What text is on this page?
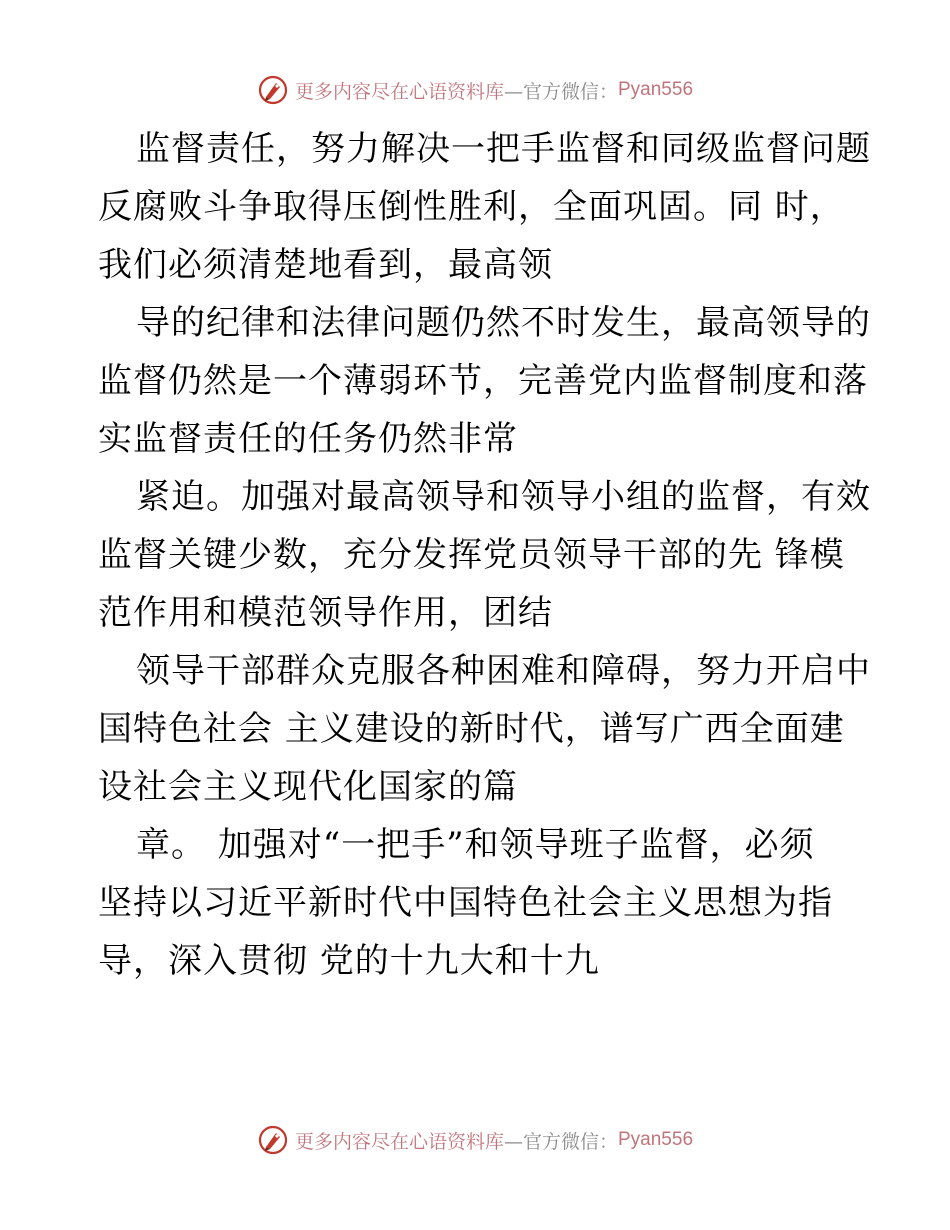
更多内容尽在心语资料库 —官方微信： Pyan556

监督责任，努力解决一把手监督和同级监督问题
反腐败斗争取得压倒性胜利，全面巩固。同 时，
我们必须清楚地看到，最高领

导的纪律和法律问题仍然不时发生，最高领导的
监督仍然是一个薄弱环节，完善党内监督制度和落
实监督责任的任务仍然非常

紧迫。加强对最高领导和领导小组的监督，有效
监督关键少数，充分发挥党员领导干部的先 锋模
范作用和模范领导作用，团结

领导干部群众克服各种困难和障碍，努力开启中
国特色社会 主义建设的新时代，谱写广西全面建
设社会主义现代化国家的篇

章。 加强对“一把手”和领导班子监督，必须
坚持以习近平新时代中国特色社会主义思想为指
导，深入贯彻 党的十九大和十九

更多内容尽在心语资料库 —官方微信： Pyan556
